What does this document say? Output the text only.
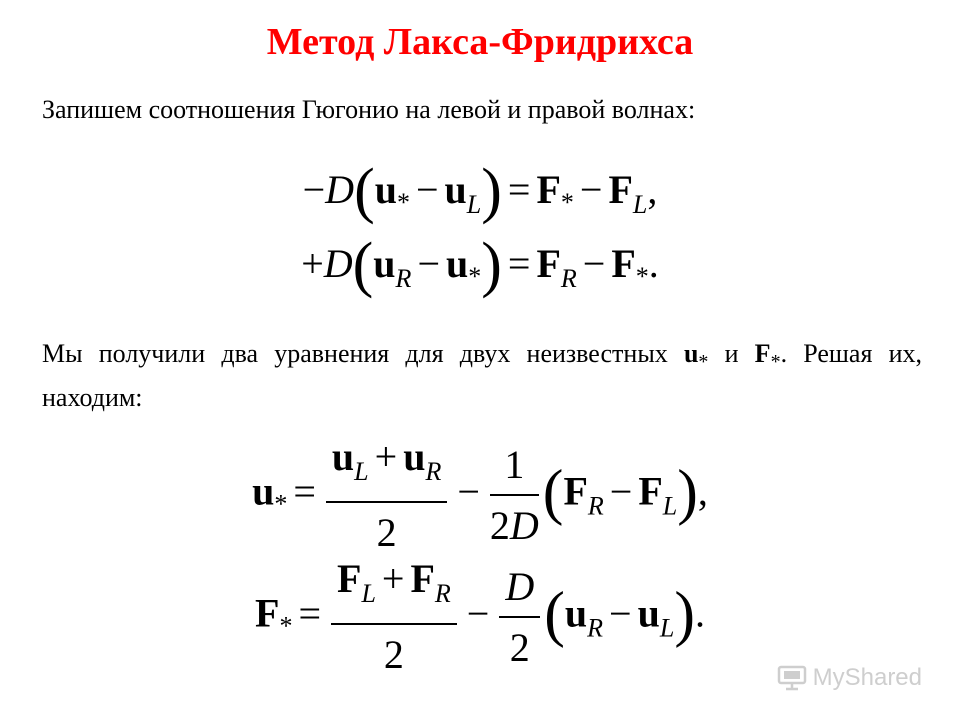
Метод Лакса-Фридрихса
Запишем соотношения Гюгонио на левой и правой волнах:
$-D(u_* - u_L) = F_* - F_L$,
$+D(u_R - u_*) = F_R - F_*$.
Мы получили два уравнения для двух неизвестных $u_*$ и $F_*$. Решая их, находим:
$u_* = \frac{u_L + u_R}{2} - \frac{1}{2D} (F_R - F_L)$,
$F_* = \frac{F_L + F_R}{2} - \frac{D}{2} (u_R - u_L)$.
My Shared
